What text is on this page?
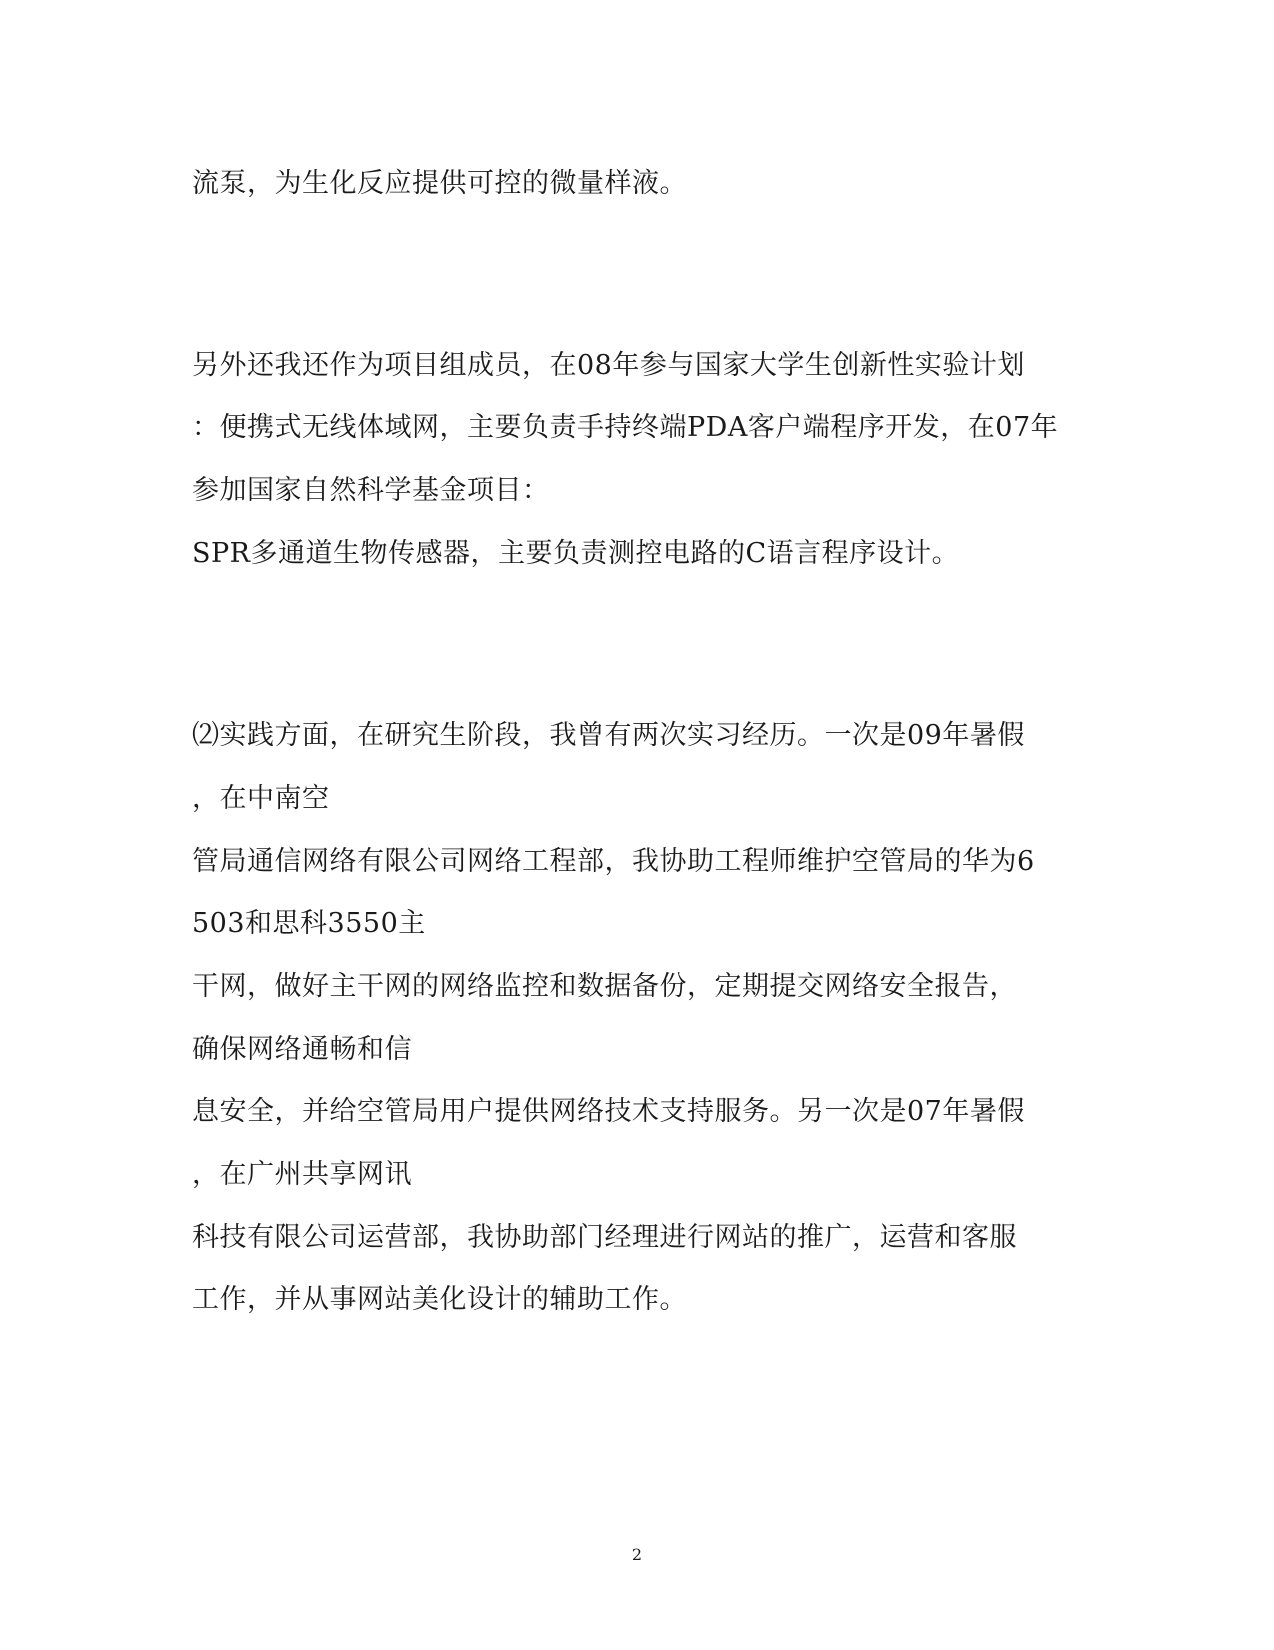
流泵，为生化反应提供可控的微量样液。
另外还我还作为项目组成员，在08年参与国家大学生创新性实验计划
：便携式无线体域网，主要负责手持终端PDA客户端程序开发，在07年
参加国家自然科学基金项目：
SPR多通道生物传感器，主要负责测控电路的C语言程序设计。
⑵实践方面，在研究生阶段，我曾有两次实习经历。一次是09年暑假
，在中南空
管局通信网络有限公司网络工程部，我协助工程师维护空管局的华为6
503和思科3550主
干网，做好主干网的网络监控和数据备份，定期提交网络安全报告，
确保网络通畅和信
息安全，并给空管局用户提供网络技术支持服务。另一次是07年暑假
，在广州共享网讯
科技有限公司运营部，我协助部门经理进行网站的推广，运营和客服
工作，并从事网站美化设计的辅助工作。
2
